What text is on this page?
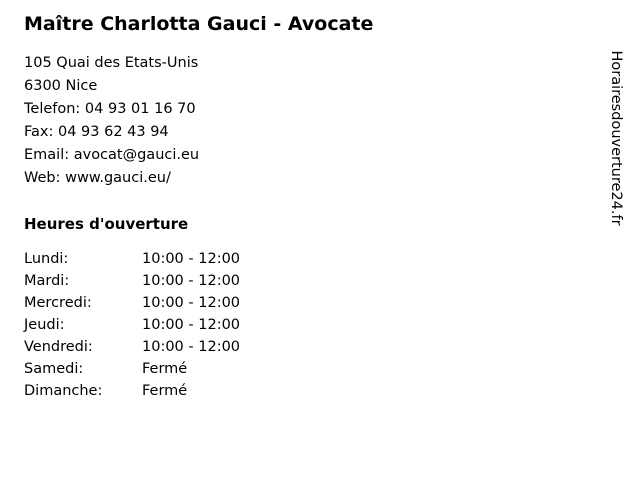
Maître Charlotta Gauci - Avocate

105 Quai des Etats-Unis

6300 Nice

Telefon: 04 93 01 16 70

Fax: 04 93 62 43 94

Email: avocat@gauci.eu

Web: www.gauci.eu/

Heures d'ouverture
Lundi:	10:00 - 12:00
Mardi:	10:00 - 12:00
Mercredi:	10:00 - 12:00
Jeudi:	10:00 - 12:00
Vendredi:	10:00 - 12:00
Samedi:	Fermé
Dimanche:	Fermé
Horairesdouverture24.fr
